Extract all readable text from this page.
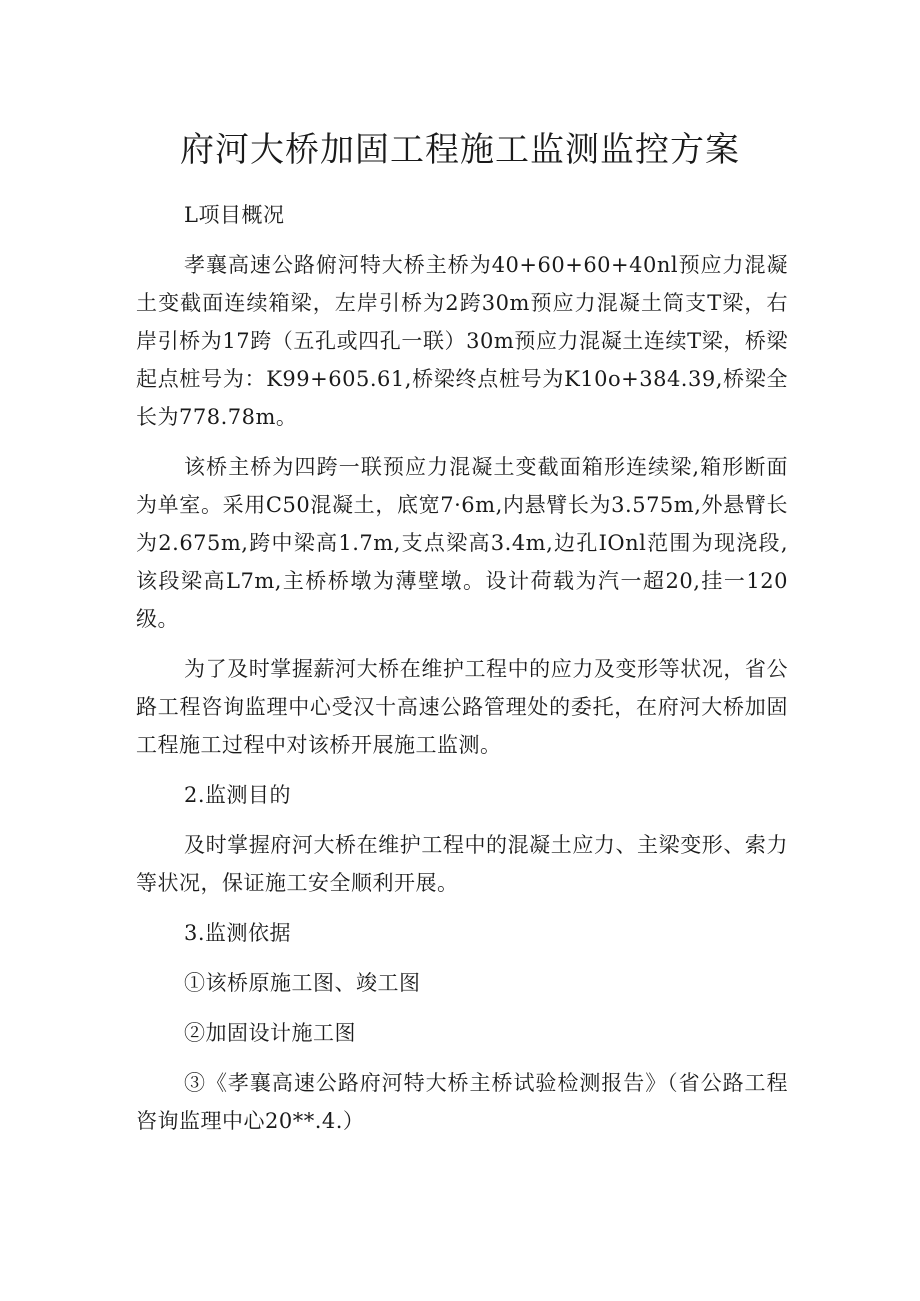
府河大桥加固工程施工监测监控方案

L项目概况

孝襄高速公路俯河特大桥主桥为40+60+60+40nl预应力混凝土变截面连续箱梁，左岸引桥为2跨30m预应力混凝土筒支T梁，右岸引桥为17跨（五孔或四孔一联）30m预应力混凝土连续T梁，桥梁起点桩号为：K99+605.61,桥梁终点桩号为K10o+384.39,桥梁全长为778.78m。

该桥主桥为四跨一联预应力混凝土变截面箱形连续梁,箱形断面为单室。采用C50混凝土，底宽7·6m,内悬臂长为3.575m,外悬臂长为2.675m,跨中梁高1.7m,支点梁高3.4m,边孔IOnl范围为现浇段,该段梁高L7m,主桥桥墩为薄壁墩。设计荷载为汽一超20,挂一120级。

为了及时掌握薪河大桥在维护工程中的应力及变形等状况，省公路工程咨询监理中心受汉十高速公路管理处的委托，在府河大桥加固工程施工过程中对该桥开展施工监测。

2.监测目的

及时掌握府河大桥在维护工程中的混凝土应力、主梁变形、索力等状况，保证施工安全顺利开展。

3.监测依据

①该桥原施工图、竣工图

②加固设计施工图

③《孝襄高速公路府河特大桥主桥试验检测报告》（省公路工程咨询监理中心20**.4.）
